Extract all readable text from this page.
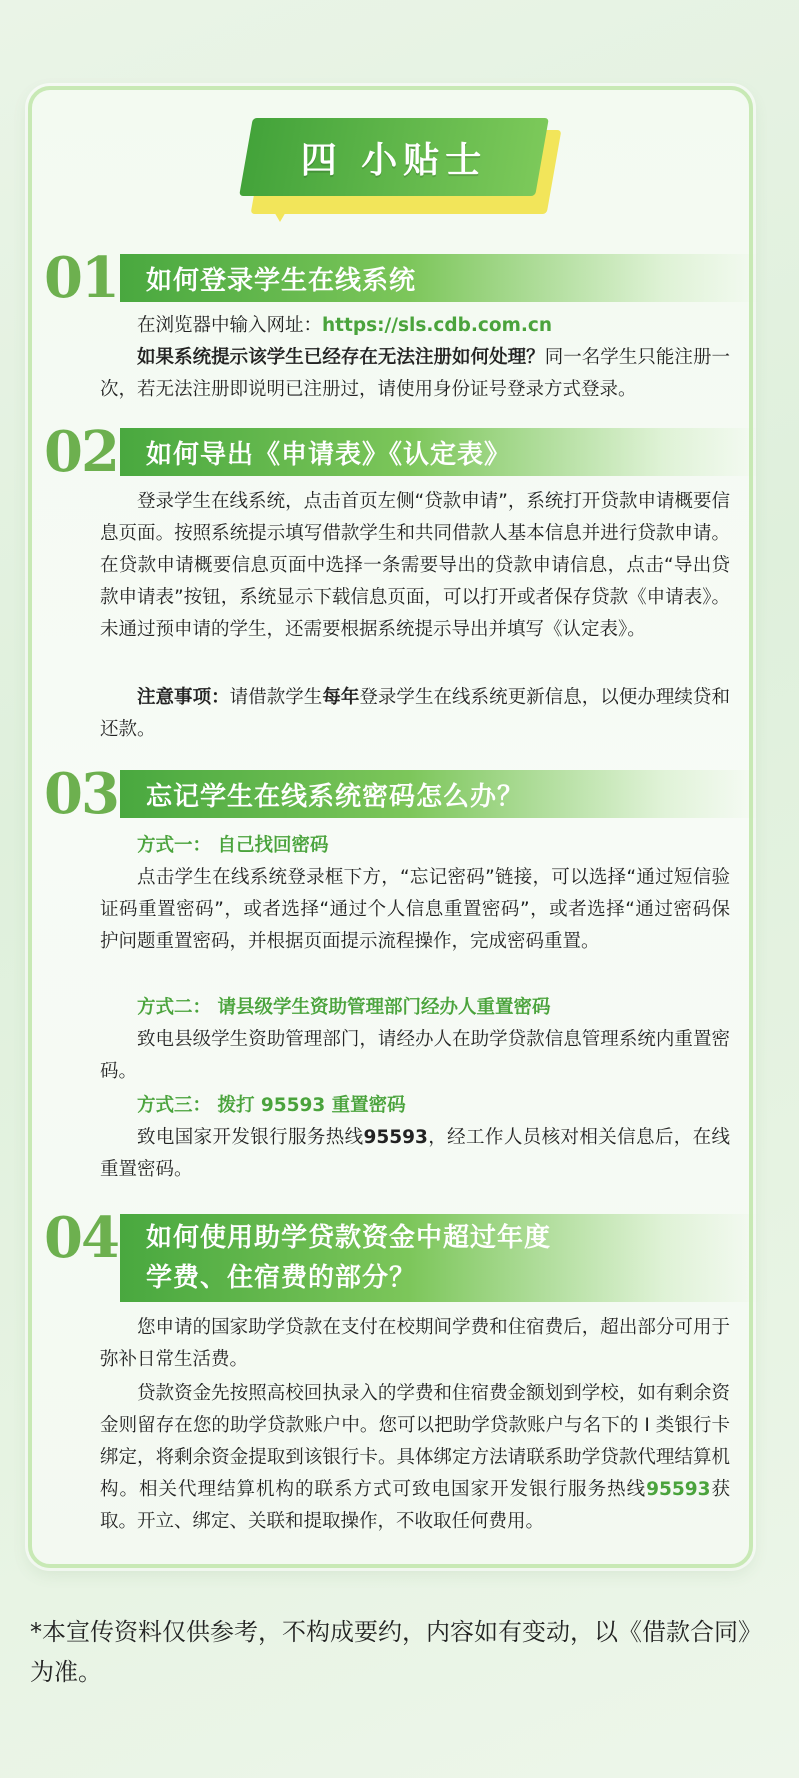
四 小贴士
01	如何登录学生在线系统
在浏览器中输入网址：https://sls.cdb.com.cn
如果系统提示该学生已经存在无法注册如何处理？同一名学生只能注册一次，若无法注册即说明已注册过，请使用身份证号登录方式登录。
02	如何导出《申请表》《认定表》
登录学生在线系统，点击首页左侧“贷款申请”，系统打开贷款申请概要信息页面。按照系统提示填写借款学生和共同借款人基本信息并进行贷款申请。在贷款申请概要信息页面中选择一条需要导出的贷款申请信息，点击“导出贷款申请表”按钮，系统显示下载信息页面，可以打开或者保存贷款《申请表》。未通过预申请的学生，还需要根据系统提示导出并填写《认定表》。
注意事项：请借款学生每年登录学生在线系统更新信息，以便办理续贷和还款。
03	忘记学生在线系统密码怎么办？
方式一： 自己找回密码
点击学生在线系统登录框下方，“忘记密码”链接，可以选择“通过短信验证码重置密码”，或者选择“通过个人信息重置密码”，或者选择“通过密码保护问题重置密码，并根据页面提示流程操作，完成密码重置。
方式二： 请县级学生资助管理部门经办人重置密码
致电县级学生资助管理部门，请经办人在助学贷款信息管理系统内重置密码。
方式三： 拨打 95593 重置密码
致电国家开发银行服务热线95593，经工作人员核对相关信息后，在线重置密码。
04 如何使用助学贷款资金中超过年度
学费、住宿费的部分？
您申请的国家助学贷款在支付在校期间学费和住宿费后，超出部分可用于弥补日常生活费。
贷款资金先按照高校回执录入的学费和住宿费金额划到学校，如有剩余资金则留存在您的助学贷款账户中。您可以把助学贷款账户与名下的 I 类银行卡绑定，将剩余资金提取到该银行卡。具体绑定方法请联系助学贷款代理结算机构。相关代理结算机构的联系方式可致电国家开发银行服务热线95593获取。开立、绑定、关联和提取操作，不收取任何费用。
*本宣传资料仅供参考，不构成要约，内容如有变动，以《借款合同》为准。
